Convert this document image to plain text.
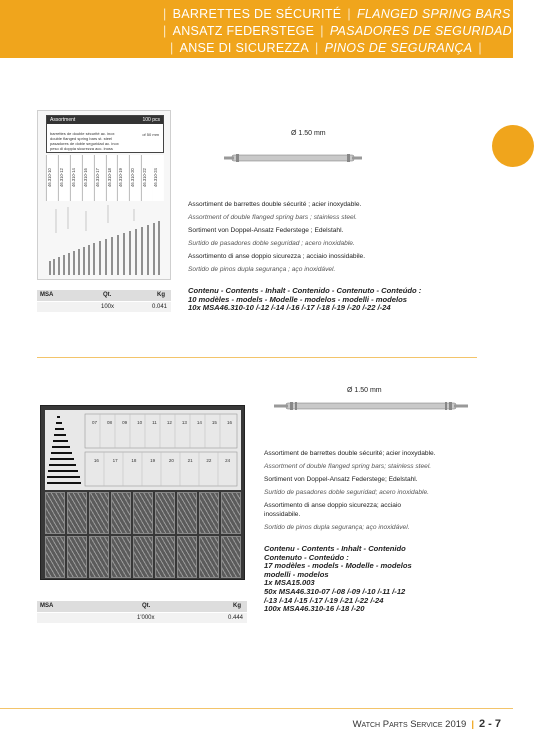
| BARRETTES DE SÉCURITÉ | FLANGED SPRING BARS |
| ANSATZ FEDERSTEGE | PASADORES DE SEGURIDAD |
| ANSE DI SICUREZZA | PINOS DE SEGURANÇA |
Assortment	100 pcs

barrettes de double sécurité ac. inox
double flanged spring bars st. steel
pasadores de doble seguridad ac. inox
peso di doppia sicurezza acc. inoss

of 50 mm

46.310-10	46.310-12	46.310-14	46.310-16	46.310-17	46.310-18	46.310-19	46.310-20	46.310-22	46.310-24
Ø 1.50 mm
Assortiment de barrettes double sécurité ; acier inoxydable.
Assortment of double flanged spring bars ; stainless steel.
Sortiment von Doppel-Ansatz Federstege ; Edelstahl.
Surtido de pasadores doble seguridad ; acero inoxidable.
Assortimento di anse doppio sicurezza ; acciaio inossidabile.
Sortido de pinos dupla segurança ; aço inoxidável.
Contenu - Contents - Inhalt - Contenido - Contenuto - Conteúdo :
10 modèles - models - Modelle - modelos - modelli - modelos
10x MSA46.310-10 /-12 /-14 /-16 /-17 /-18 /-19 /-20 /-22 /-24
MSA	Qt.	Kg
100x	0.041
07 08 09 10 11 12 13 14 15 16
16	17	18	19	20	21	22	24
Ø 1.50 mm
Assortiment de barrettes double sécurité; acier inoxydable.
Assortment of double flanged spring bars; stainless steel.
Sortiment von Doppel-Ansatz Federstege; Edelstahl.
Surtido de pasadores doble seguridad; acero inoxidable.
Assortimento di anse doppio sicurezza; acciaio
inossidabile.
Sortido de pinos dupla segurança; aço inoxidável.
Contenu - Contents - Inhalt - Contenido
Contenuto - Conteúdo :
17 modèles - models - Modelle - modelos
modelli - modelos
1x MSA15.003
50x MSA46.310-07 /-08 /-09 /-10 /-11 /-12
/-13 /-14 /-15 /-17 /-19 /-21 /-22 /-24
100x MSA46.310-16 /-18 /-20
MSA	Qt.	Kg
1'000x	0.444
Watch Parts Service 2019 | 2 - 7
